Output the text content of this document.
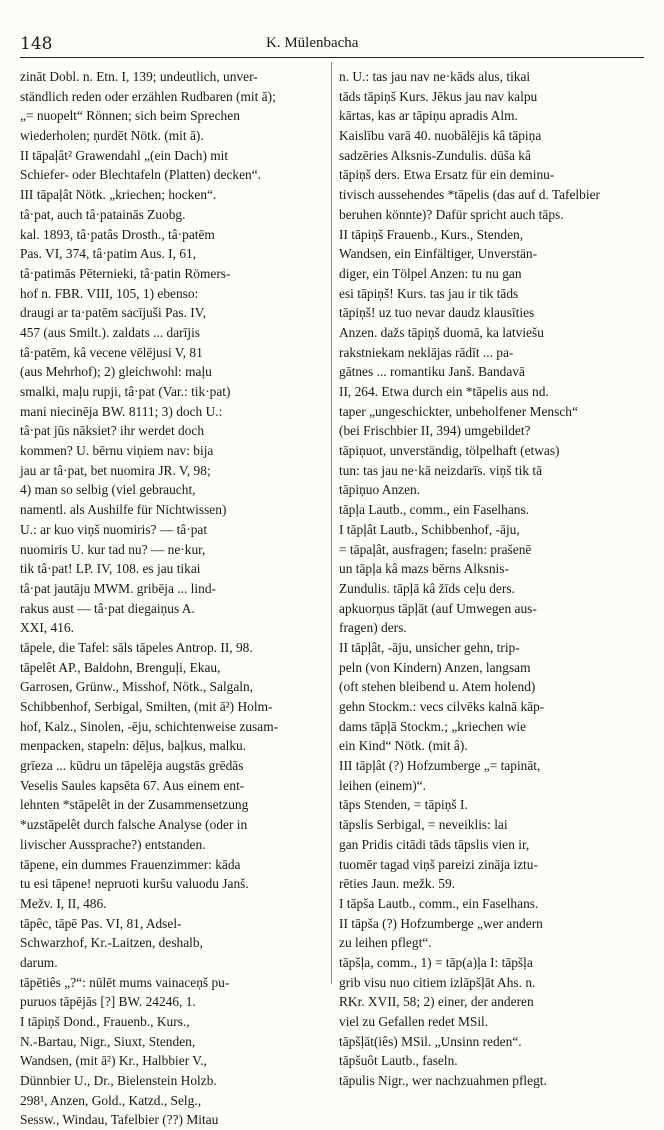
148	K. Mülenbacha
zināt Dobl. n. Etn. I, 139; undeutlich, unver-
ständlich reden oder erzählen Rudbaren (mit ā);
„= nuopelt“ Rönnen; sich beim Sprechen
wiederholen; ņurdēt Nötk. (mit ā).
II tāpaļât² Grawendahl „(ein Dach) mit
Schiefer- oder Blechtafeln (Platten) decken“.
III tāpaļât Nötk. „kriechen; hocken“.
tâ·pat, auch tâ·patainās Zuobg.
kal. 1893, tâ·patâs Drosth., tâ·patēm
Pas. VI, 374, tâ·patim Aus. I, 61,
tâ·patimās Pēternieki, tâ·patin Römers-
hof n. FBR. VIII, 105, 1) ebenso:
draugi ar ta·patēm sacījuši Pas. IV,
457 (aus Smilt.). zaldats ... darījis
tâ·patēm, kâ vecene vēlējusi V, 81
(aus Mehrhof); 2) gleichwohl: maļu
smalki, maļu rupji, tâ·pat (Var.: tik·pat)
mani niecinēja BW. 8111; 3) doch U.:
tâ·pat jūs nāksiet? ihr werdet doch
kommen? U. bērnu viņiem nav: bija
jau ar tâ·pat, bet nuomira JR. V, 98;
4) man so selbig (viel gebraucht,
namentl. als Aushilfe für Nichtwissen)
U.: ar kuo viņš nuomiris? — tâ·pat
nuomiris U. kur tad nu? — ne·kur,
tik tâ·pat! LP. IV, 108. es jau tikai
tâ·pat jautāju MWM. gribēja ... lind-
rakus aust — tâ·pat diegaiņus A.
XXI, 416.
tāpele, die Tafel: sāls tāpeles Antrop. II, 98.
tāpelêt AP., Baldohn, Brenguļi, Ekau,
Garrosen, Grünw., Misshof, Nötk., Salgaln,
Schibbenhof, Serbigal, Smilten, (mit ā²) Holm-
hof, Kalz., Sinolen, -ēju, schichtenweise zusam-
menpacken, stapeln: dēļus, baļkus, malku.
grīeza ... kūdru un tāpelēja augstās grēdās
Veselis Saules kapsēta 67. Aus einem ent-
lehnten *stāpelêt in der Zusammensetzung
*uzstāpelêt durch falsche Analyse (oder in
livischer Aussprache?) entstanden.
tāpene, ein dummes Frauenzimmer: kāda
tu esi tāpene! nepruoti kuršu valuodu Janš.
Mežv. I, II, 486.
tāpêc, tāpē Pas. VI, 81, Adsel-
Schwarzhof, Kr.-Laitzen, deshalb,
darum.
tāpētiês „?“: nūlēt mums vainaceņš pu-
puruos tāpējās [?] BW. 24246, 1.
I tāpiņš Dond., Frauenb., Kurs.,
N.-Bartau, Nigr., Siuxt, Stenden,
Wandsen, (mit ā²) Kr., Halbbier V.,
Dünnbier U., Dr., Bielenstein Holzb.
298¹, Anzen, Gold., Katzd., Selg.,
Sessw., Windau, Tafelbier (??) Mitau
n. U.: tas jau nav ne·kāds alus, tikai
tāds tāpiņš Kurs. Jēkus jau nav kalpu
kārtas, kas ar tāpiņu apradis Alm.
Kaislību varā 40. nuobālējis kâ tāpiņa
sadzēries Alksnis-Zundulis. dūša kâ
tāpiņš ders. Etwa Ersatz für ein deminu-
tivisch aussehendes *tāpelis (das auf d. Tafelbier
beruhen könnte)? Dafür spricht auch tāps.
II tāpiņš Frauenb., Kurs., Stenden,
Wandsen, ein Einfältiger, Unverstän-
diger, ein Tölpel Anzen: tu nu gan
esi tāpiņš! Kurs. tas jau ir tik tāds
tāpiņš! uz tuo nevar daudz klausīties
Anzen. dažs tāpiņš duomā, ka latviešu
rakstniekam neklājas rādīt ... pa-
gātnes ... romantiku Janš. Bandavā
II, 264. Etwa durch ein *tāpelis aus nd.
taper „ungeschickter, unbeholfener Mensch“
(bei Frischbier II, 394) umgebildet?
tāpiņuot, unverständig, tölpelhaft (etwas)
tun: tas jau ne·kā neizdarīs. viņš tik tā
tāpiņuo Anzen.
tāpļa Lautb., comm., ein Faselhans.
I tāpļât Lautb., Schibbenhof, -āju,
= tāpaļât, ausfragen; faseln: prašenē
un tāpļa kâ mazs bērns Alksnis-
Zundulis. tāpļā kâ žīds ceļu ders.
apkuorņus tāpļāt (auf Umwegen aus-
fragen) ders.
II tāpļât, -āju, unsicher gehn, trip-
peln (von Kindern) Anzen, langsam
(oft stehen bleibend u. Atem holend)
gehn Stockm.: vecs cilvēks kalnā kāp-
dams tāpļā Stockm.; „kriechen wie
ein Kind“ Nötk. (mit â).
III tāpļât (?) Hofzumberge „= tapināt,
leihen (einem)“.
tāps Stenden, = tāpiņš I.
tāpslis Serbigal, = neveiklis: lai
gan Pridis citādi tāds tāpslis vien ir,
tuomēr tagad viņš pareizi zināja iztu-
rēties Jaun. mežk. 59.
I tāpša Lautb., comm., ein Faselhans.
II tāpša (?) Hofzumberge „wer andern
zu leihen pflegt“.
tāpšļa, comm., 1) = tāp(a)ļa I: tāpšļa
grib visu nuo citiem izlāpšļāt Ahs. n.
RKr. XVII, 58; 2) einer, der anderen
viel zu Gefallen redet MSil.
tāpšļāt(iês) MSil. „Unsinn reden“.
tāpšuôt Lautb., faseln.
tāpulis Nigr., wer nachzuahmen pflegt.
